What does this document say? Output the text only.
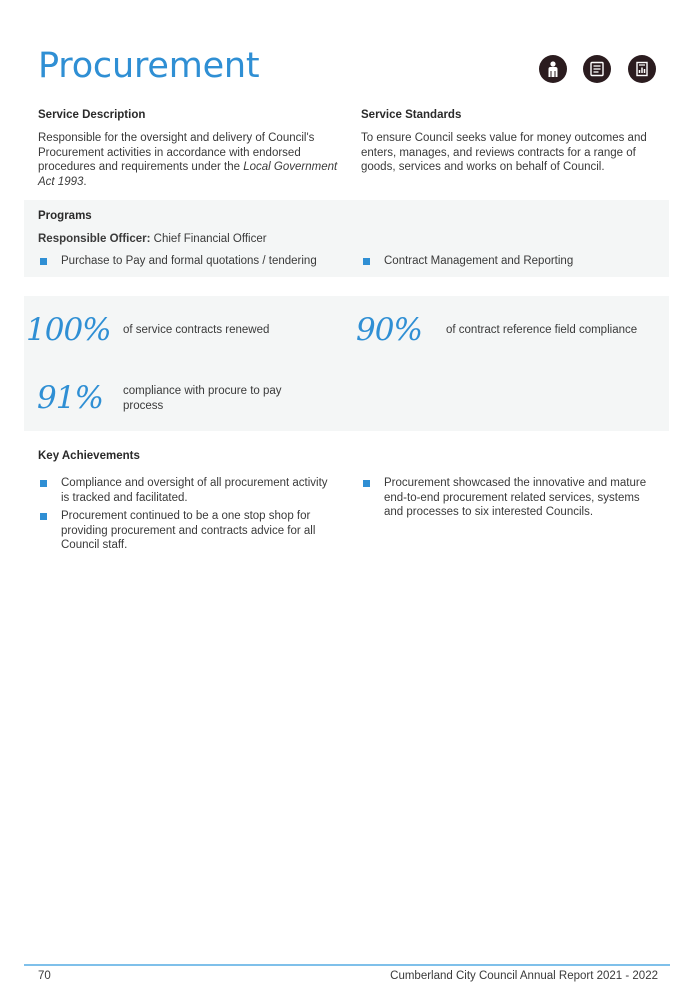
Procurement
Service Description
Responsible for the oversight and delivery of Council's Procurement activities in accordance with endorsed procedures and requirements under the Local Government Act 1993.
Service Standards
To ensure Council seeks value for money outcomes and enters, manages, and reviews contracts for a range of goods, services and works on behalf of Council.
Programs
Responsible Officer: Chief Financial Officer
Purchase to Pay and formal quotations / tendering	Contract Management and Reporting
100% of service contracts renewed	90% of contract reference field compliance
91% compliance with procure to pay process
Key Achievements
Compliance and oversight of all procurement activity is tracked and facilitated.
Procurement continued to be a one stop shop for providing procurement and contracts advice for all Council staff.
Procurement showcased the innovative and mature end-to-end procurement related services, systems and processes to six interested Councils.
70	Cumberland City Council Annual Report 2021 - 2022
